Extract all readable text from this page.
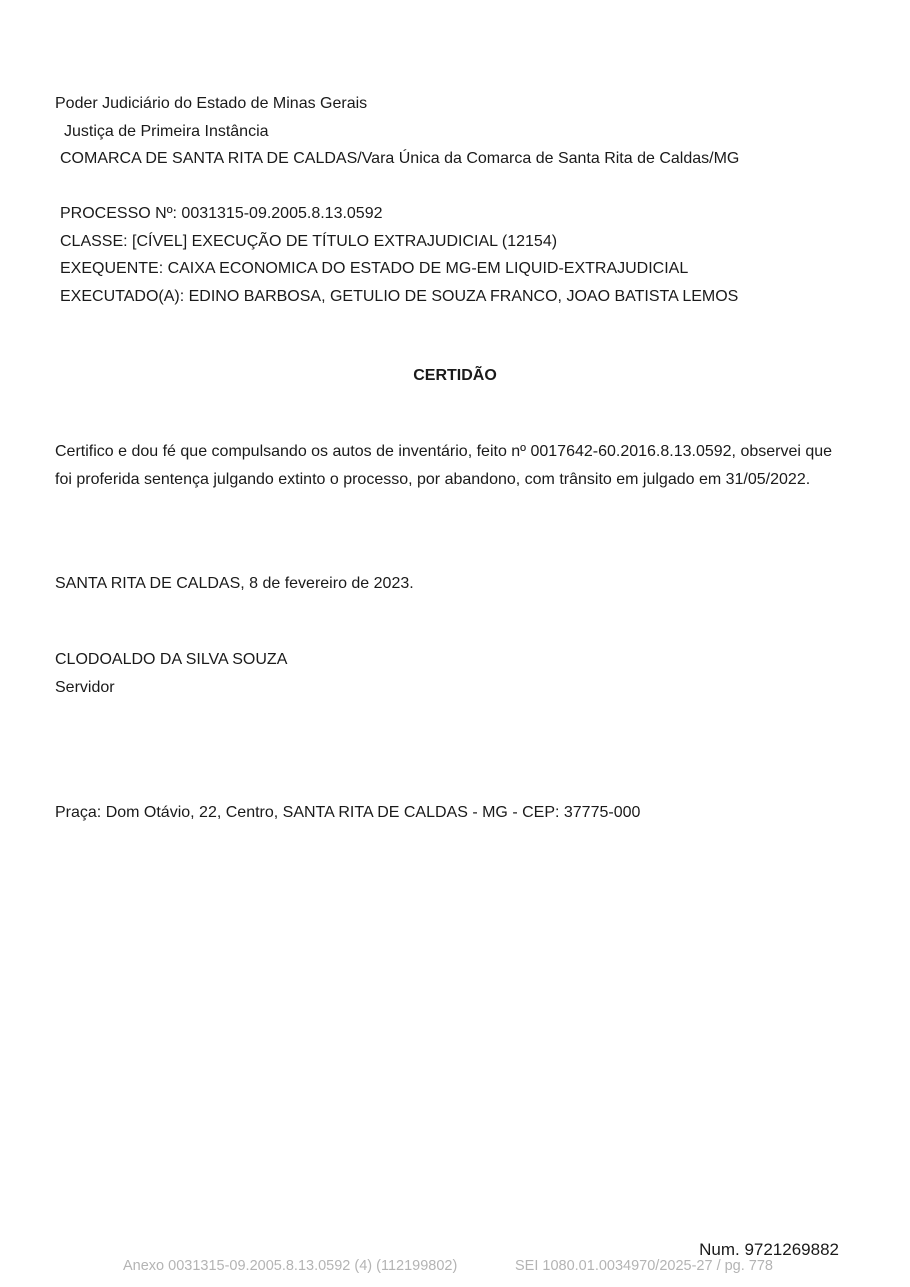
Poder Judiciário do Estado de Minas Gerais
Justiça de Primeira Instância
COMARCA DE SANTA RITA DE CALDAS/Vara Única da Comarca de Santa Rita de Caldas/MG
PROCESSO Nº: 0031315-09.2005.8.13.0592
CLASSE: [CÍVEL] EXECUÇÃO DE TÍTULO EXTRAJUDICIAL (12154)
EXEQUENTE: CAIXA ECONOMICA DO ESTADO DE MG-EM LIQUID-EXTRAJUDICIAL
EXECUTADO(A): EDINO BARBOSA, GETULIO DE SOUZA FRANCO, JOAO BATISTA LEMOS
CERTIDÃO
Certifico e dou fé que compulsando os autos de inventário, feito nº 0017642-60.2016.8.13.0592, observei que foi proferida sentença julgando extinto o processo, por abandono, com trânsito em julgado em 31/05/2022.
SANTA RITA DE CALDAS, 8 de fevereiro de 2023.
CLODOALDO DA SILVA SOUZA
Servidor
Praça: Dom Otávio, 22, Centro, SANTA RITA DE CALDAS - MG - CEP: 37775-000
Num. 9721269882
Anexo 0031315-09.2005.8.13.0592 (4) (112199802)	SEI 1080.01.0034970/2025-27 / pg. 778
